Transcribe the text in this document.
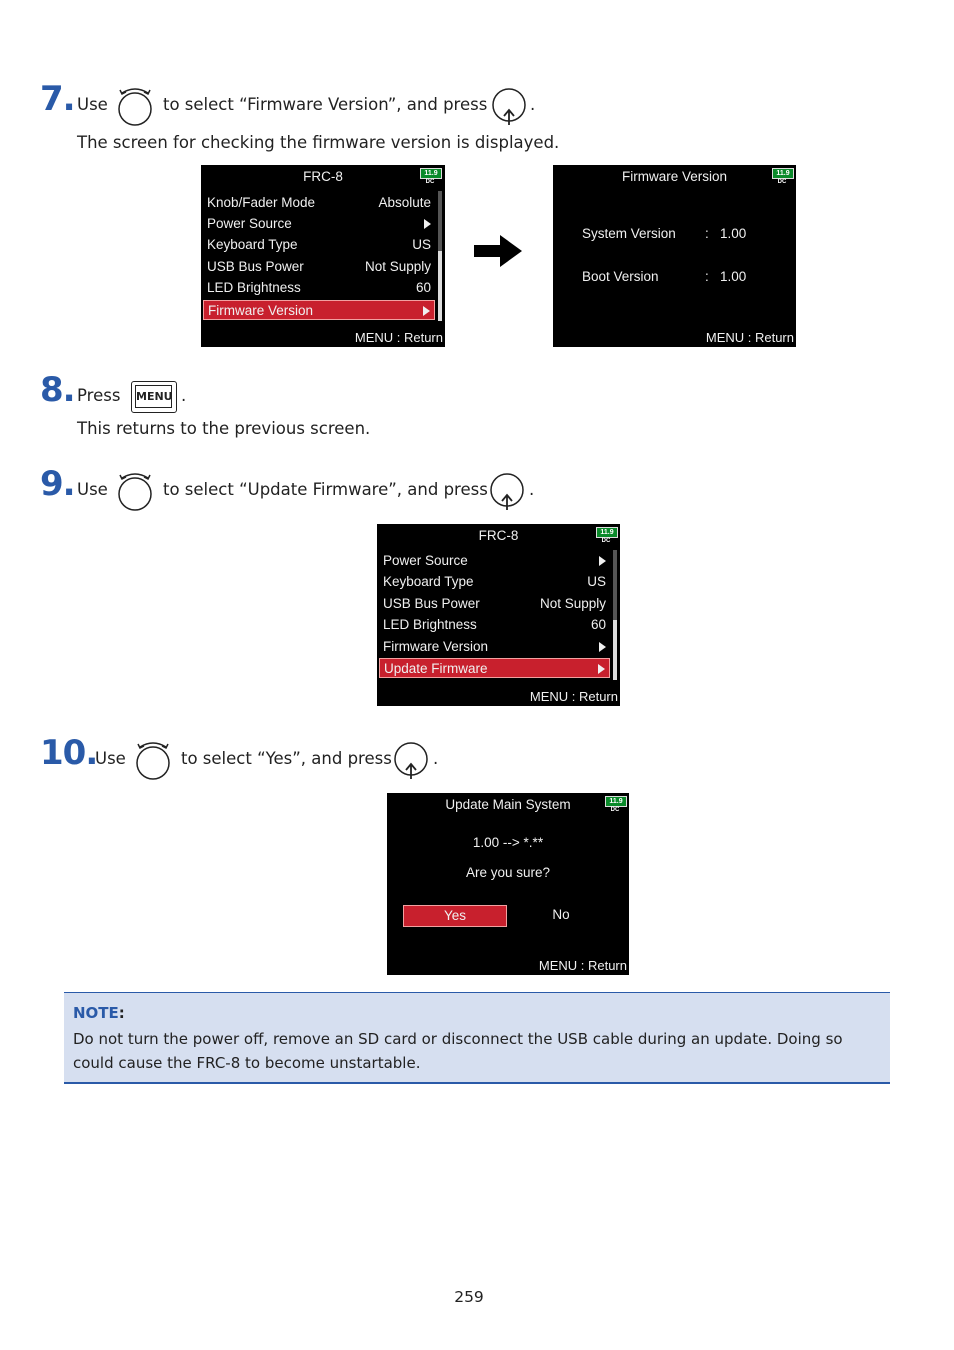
7. Use	to select “Firmware Version”, and press	.
The screen for checking the firmware version is displayed.
FRC-8	11.9
DC
Knob/Fader Mode	Absolute
Power Source
Keyboard Type	US
USB Bus Power	Not Supply
LED Brightness	60
Firmware Version
MENU : Return
Firmware Version	11.9
DC
System Version : 1.00
Boot Version	: 1.00
MENU : Return
8. Press MENU .
This returns to the previous screen.
9. Use	to select “Update Firmware”, and press .
FRC-8	11.9
DC
Power Source
Keyboard Type	US
USB Bus Power	Not Supply
LED Brightness	60
Firmware Version
Update Firmware
MENU : Return
10.
Use	to select “Yes”, and press .
Update Main System	11.9
DC
1.00 --> *.**
Are you sure?
Yes	No
MENU : Return
NOTE:
Do not turn the power off, remove an SD card or disconnect the USB cable during an update. Doing so could cause the FRC-8 to become unstartable.
259
